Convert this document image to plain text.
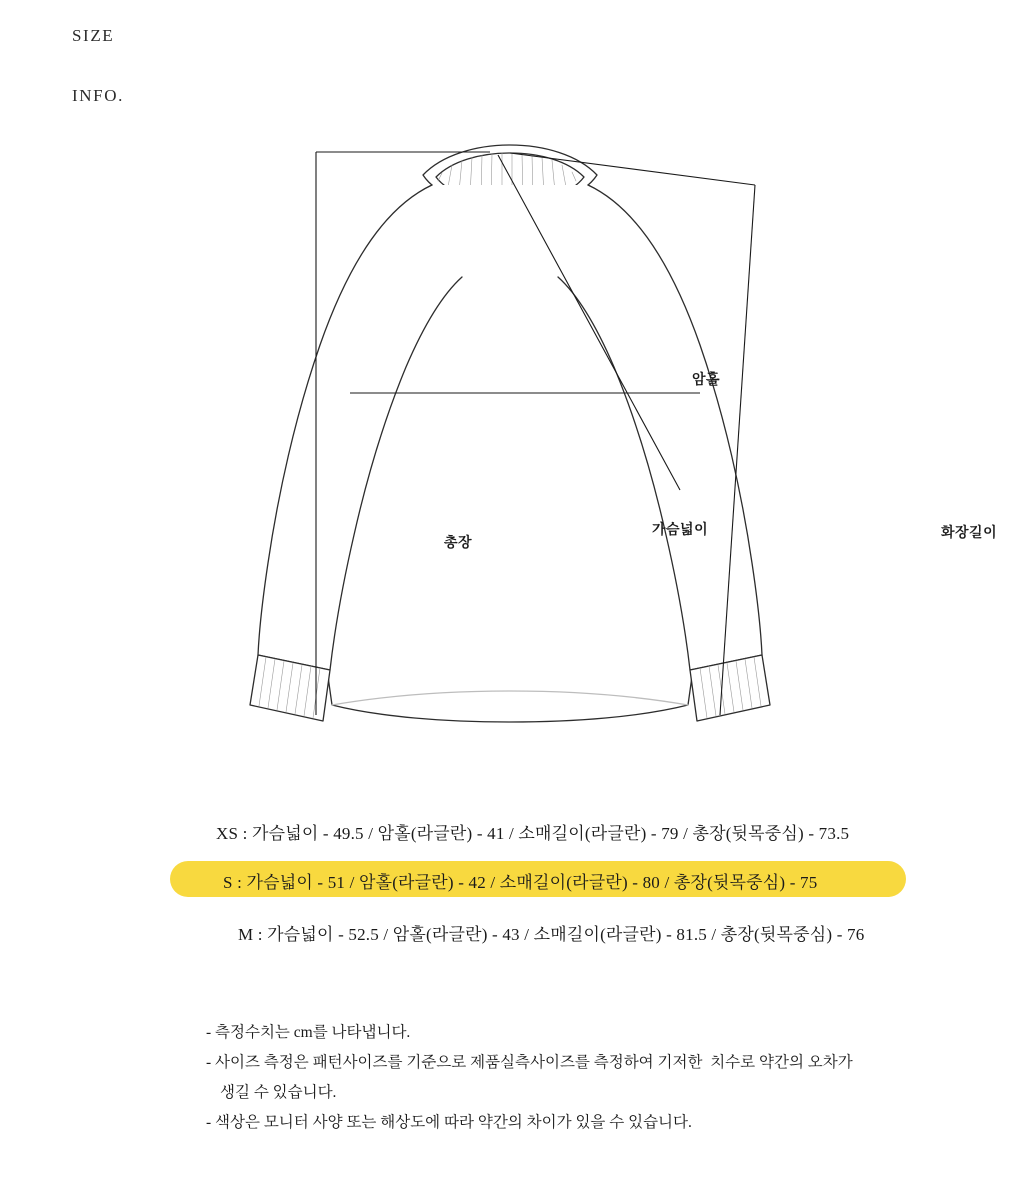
SIZE
INFO.
암홀
가슴넓이
총장
화장길이
XS : 가슴넓이 - 49.5 / 암홀(라글란) - 41 / 소매길이(라글란) - 79 / 총장(뒷목중심) - 73.5
S : 가슴넓이 - 51 / 암홀(라글란) - 42 / 소매길이(라글란) - 80 / 총장(뒷목중심) - 75
M : 가슴넓이 - 52.5 / 암홀(라글란) - 43 / 소매길이(라글란) - 81.5 / 총장(뒷목중심) - 76
- 측정수치는 cm를 나타냅니다.
- 사이즈 측정은 패턴사이즈를 기준으로 제품실측사이즈를 측정하여 기저한  치수로 약간의 오차가
생길 수 있습니다.
- 색상은 모니터 사양 또는 해상도에 따라 약간의 차이가 있을 수 있습니다.
